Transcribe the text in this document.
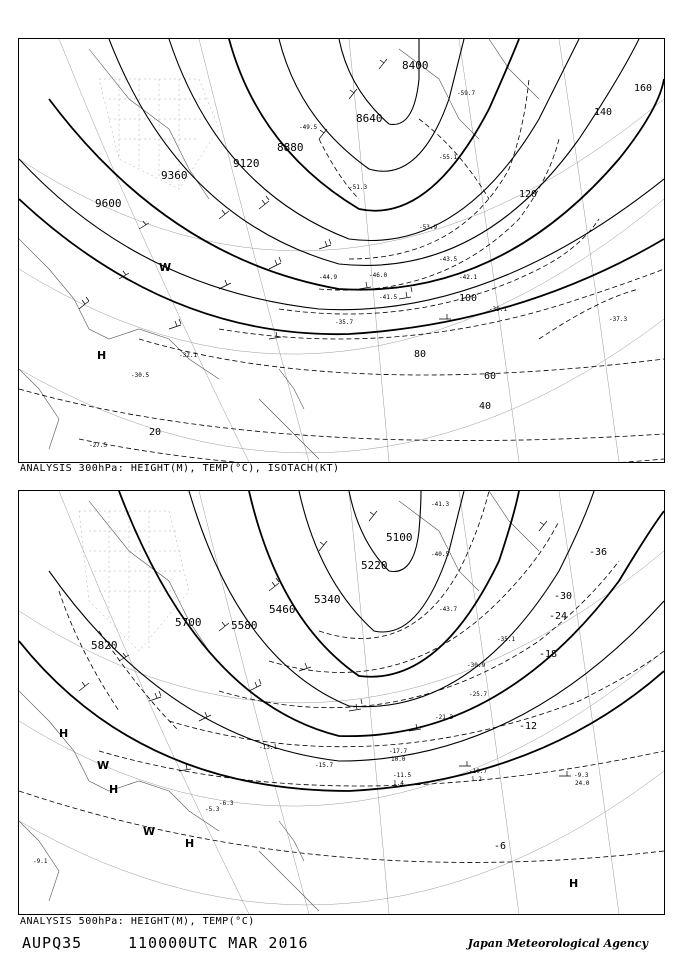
9600
9360
9120
8880
8640
8400
20
40
60
80
100
120
140
160
H
W
-32.1
-30.5
-39.1
-41.5
-46.0
-51.3
-55.1
-59.7
-37.3
-43.5
-42.1
-27.5
-35.7
-49.5
-53.9
-44.9
ANALYSIS 300hPa: HEIGHT(M), TEMP(°C), ISOTACH(KT)
5820
5700	5580
5460
5340
5220
5100
-6
-12
-18
-24
-30
-36
H
H
H
H
W
W
-11.5
-10.7
-9.3
-17.7
-21.3
-25.7
-30.9
-35.1
-40.5
-41.3
-43.7
-15.7
-13.1
-6.3
-5.3
-9.1
1.4
1.2
24.0
10.0
ANALYSIS 500hPa: HEIGHT(M), TEMP(°C)
AUPQ35	110000UTC MAR 2016	Japan Meteorological Agency
